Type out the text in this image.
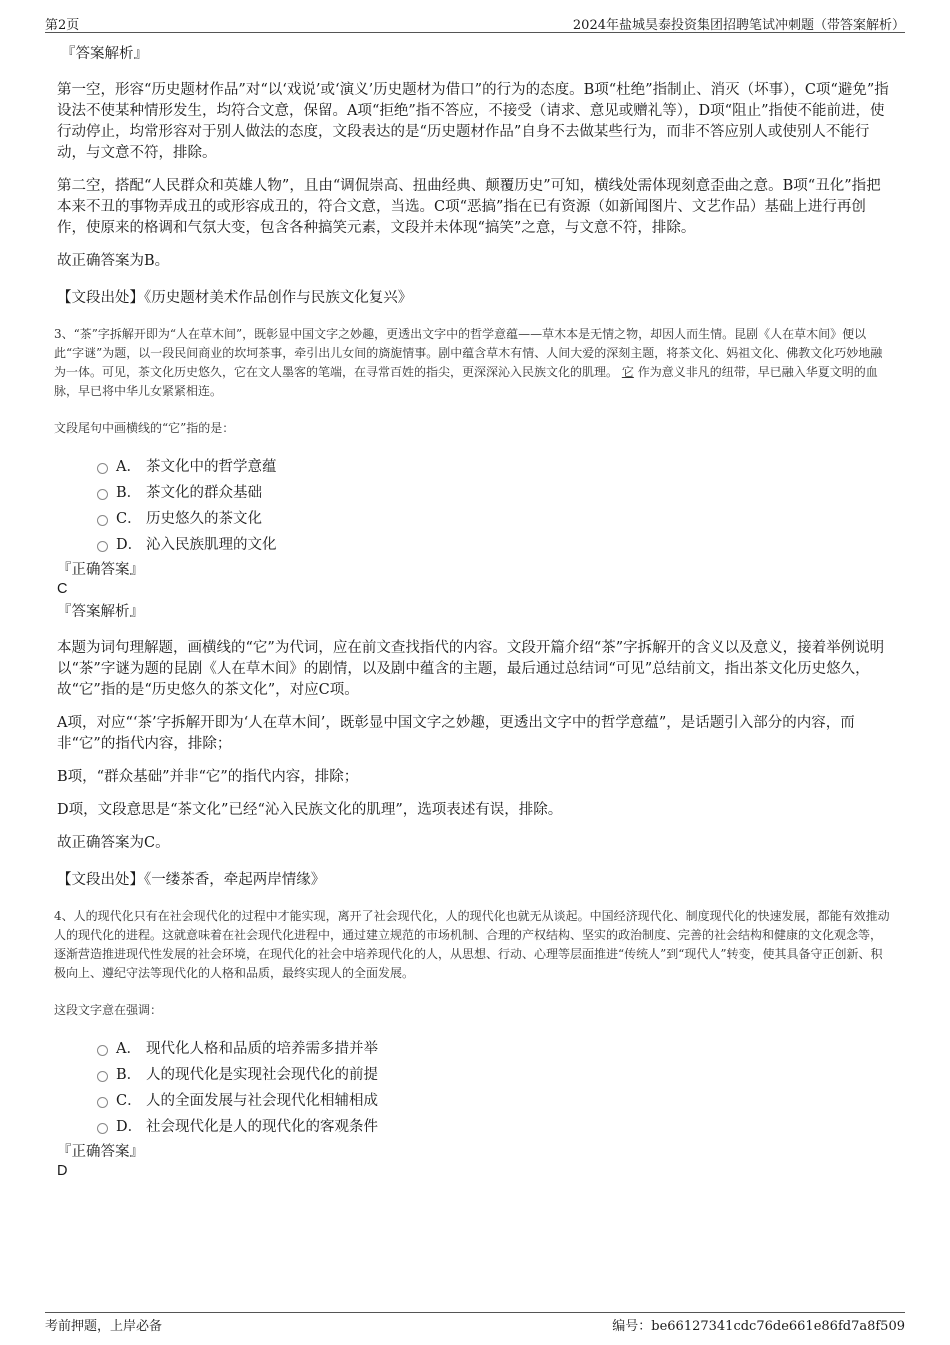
第2页	2024年盐城昊泰投资集团招聘笔试冲刺题（带答案解析）
『答案解析』

第一空，形容“历史题材作品”对“以‘戏说’或‘演义’历史题材为借口”的行为的态度。B项“杜绝”指制止、消灭（坏事），C项“避免”指设法不使某种情形发生，均符合文意，保留。A项“拒绝”指不答应，不接受（请求、意见或赠礼等），D项“阻止”指使不能前进，使行动停止，均常形容对于别人做法的态度，文段表达的是“历史题材作品”自身不去做某些行为，而非不答应别人或使别人不能行动，与文意不符，排除。

第二空，搭配“人民群众和英雄人物”，且由“调侃崇高、扭曲经典、颠覆历史”可知，横线处需体现刻意歪曲之意。B项“丑化”指把本来不丑的事物弄成丑的或形容成丑的，符合文意，当选。C项“恶搞”指在已有资源（如新闻图片、文艺作品）基础上进行再创作，使原来的格调和气氛大变，包含各种搞笑元素，文段并未体现“搞笑”之意，与文意不符，排除。

故正确答案为B。

【文段出处】《历史题材美术作品创作与民族文化复兴》

3、“茶”字拆解开即为“人在草木间”，既彰显中国文字之妙趣，更透出文字中的哲学意蕴——草木本是无情之物，却因人而生情。昆剧《人在草木间》便以此“字谜”为题，以一段民间商业的坎坷茶事，牵引出儿女间的旖旎情事。剧中蕴含草木有情、人间大爱的深刻主题，将茶文化、妈祖文化、佛教文化巧妙地融为一体。可见，茶文化历史悠久，它在文人墨客的笔端，在寻常百姓的指尖，更深深沁入民族文化的肌理。 它 作为意义非凡的纽带，早已融入华夏文明的血脉，早已将中华儿女紧紧相连。

文段尾句中画横线的“它”指的是：

A． 茶文化中的哲学意蕴
B． 茶文化的群众基础
C． 历史悠久的茶文化
D． 沁入民族肌理的文化
『正确答案』
C
『答案解析』

本题为词句理解题，画横线的“它”为代词，应在前文查找指代的内容。文段开篇介绍“茶”字拆解开的含义以及意义，接着举例说明以“茶”字谜为题的昆剧《人在草木间》的剧情，以及剧中蕴含的主题，最后通过总结词“可见”总结前文，指出茶文化历史悠久，故“它”指的是“历史悠久的茶文化”，对应C项。

A项，对应“‘茶’字拆解开即为‘人在草木间’，既彰显中国文字之妙趣，更透出文字中的哲学意蕴”，是话题引入部分的内容，而非“它”的指代内容，排除；

B项，“群众基础”并非“它”的指代内容，排除；

D项，文段意思是“茶文化”已经“沁入民族文化的肌理”，选项表述有误，排除。

故正确答案为C。

【文段出处】《一缕茶香，牵起两岸情缘》

4、人的现代化只有在社会现代化的过程中才能实现，离开了社会现代化，人的现代化也就无从谈起。中国经济现代化、制度现代化的快速发展，都能有效推动人的现代化的进程。这就意味着在社会现代化进程中，通过建立规范的市场机制、合理的产权结构、坚实的政治制度、完善的社会结构和健康的文化观念等，逐渐营造推进现代性发展的社会环境，在现代化的社会中培养现代化的人，从思想、行动、心理等层面推进“传统人”到“现代人”转变，使其具备守正创新、积极向上、遵纪守法等现代化的人格和品质，最终实现人的全面发展。

这段文字意在强调：

A． 现代化人格和品质的培养需多措并举
B． 人的现代化是实现社会现代化的前提
C． 人的全面发展与社会现代化相辅相成
D． 社会现代化是人的现代化的客观条件
『正确答案』
D
考前押题，上岸必备	编号：be66127341cdc76de661e86fd7a8f509
